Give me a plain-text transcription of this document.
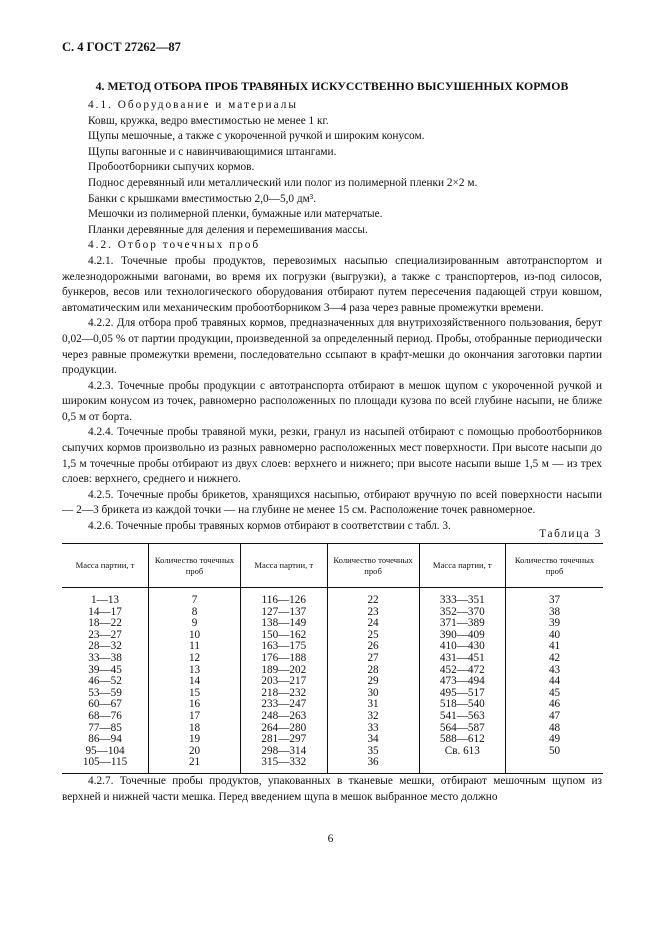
С. 4 ГОСТ 27262—87
4. МЕТОД ОТБОРА ПРОБ ТРАВЯНЫХ ИСКУССТВЕННО ВЫСУШЕННЫХ КОРМОВ

4.1. Оборудование и материалы

Ковш, кружка, ведро вместимостью не менее 1 кг.

Щупы мешочные, а также с укороченной ручкой и широким конусом.

Щупы вагонные и с навинчивающимися штангами.

Пробоотборники сыпучих кормов.

Поднос деревянный или металлический или полог из полимерной пленки 2×2 м.

Банки с крышками вместимостью 2,0—5,0 дм³.

Мешочки из полимерной пленки, бумажные или матерчатые.

Планки деревянные для деления и перемешивания массы.

4.2. Отбор точечных проб

4.2.1. Точечные пробы продуктов, перевозимых насыпью специализированным автотранспортом и железнодорожными вагонами, во время их погрузки (выгрузки), а также с транспортеров, из-под силосов, бункеров, весов или технологического оборудования отбирают путем пересечения падающей струи ковшом, автоматическим или механическим пробоотборником 3—4 раза через равные промежутки времени.

4.2.2. Для отбора проб травяных кормов, предназначенных для внутрихозяйственного пользования, берут 0,02—0,05 % от партии продукции, произведенной за определенный период. Пробы, отобранные периодически через равные промежутки времени, последовательно ссыпают в крафт-мешки до окончания заготовки партии продукции.

4.2.3. Точечные пробы продукции с автотранспорта отбирают в мешок щупом с укороченной ручкой и широким конусом из точек, равномерно расположенных по площади кузова по всей глубине насыпи, не ближе 0,5 м от борта.

4.2.4. Точечные пробы травяной муки, резки, гранул из насыпей отбирают с помощью пробоотборников сыпучих кормов произвольно из разных равномерно расположенных мест поверхности. При высоте насыпи до 1,5 м точечные пробы отбирают из двух слоев: верхнего и нижнего; при высоте насыпи выше 1,5 м — из трех слоев: верхнего, среднего и нижнего.

4.2.5. Точечные пробы брикетов, хранящихся насыпью, отбирают вручную по всей поверхности насыпи — 2—3 брикета из каждой точки — на глубине не менее 15 см. Расположение точек равномерное.

4.2.6. Точечные пробы травяных кормов отбирают в соответствии с табл. 3.

Таблица 3
Масса партии, т	Количество точечных проб	Масса партии, т	Количество точечных проб	Масса партии, т	Количество точечных проб
1—13	7	116—126	22	333—351	37
14—17	8	127—137	23	352—370	38
18—22	9	138—149	24	371—389	39
23—27	10	150—162	25	390—409	40
28—32	11	163—175	26	410—430	41
33—38	12	176—188	27	431—451	42
39—45	13	189—202	28	452—472	43
46—52	14	203—217	29	473—494	44
53—59	15	218—232	30	495—517	45
60—67	16	233—247	31	518—540	46
68—76	17	248—263	32	541—563	47
77—85	18	264—280	33	564—587	48
86—94	19	281—297	34	588—612	49
95—104	20	298—314	35	Св. 613	50
105—115	21	315—332	36		

4.2.7. Точечные пробы продуктов, упакованных в тканевые мешки, отбирают мешочным щупом из верхней и нижней части мешка. Перед введением щупа в мешок выбранное место должно

6
